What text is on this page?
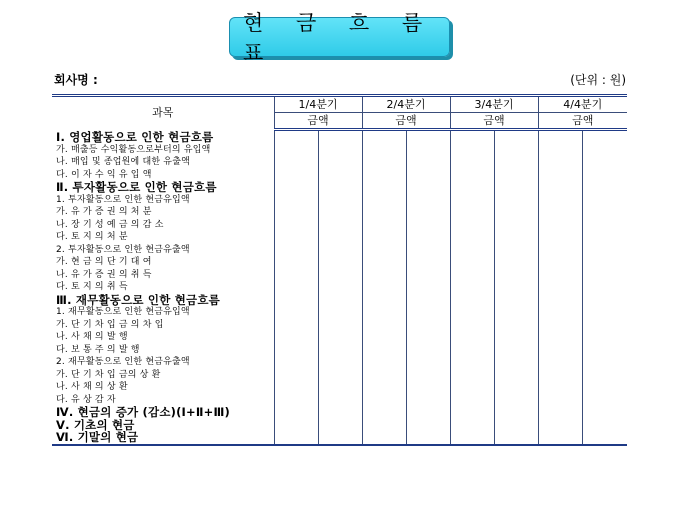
현 금 흐 름 표
회사명 :	(단위 : 원)
과목	1/4분기		2/4분기		3/4분기		4/4분기	
	금액		금액		금액		금액	
Ⅰ. 영업활동으로 인한 현금흐름								
가. 매출등 수익활동으로부터의 유입액								
나. 매입 및 종업원에 대한 유출액								
다. 이 자 수 익 유 입 액								
Ⅱ. 투자활동으로 인한 현금흐름								
1. 투자활동으로 인한 현금유입액								
가. 유 가 증 권 의 처 분								
나. 장 기 성 예 금 의 감 소								
다. 토 지 의 처 분								
2. 투자활동으로 인한 현금유출액								
가. 현 금 의 단 기 대 여								
나. 유 가 증 권 의 취 득								
다. 토 지 의 취 득								
Ⅲ. 재무활동으로 인한 현금흐름								
1. 재무활동으로 인한 현금유입액								
가. 단 기 차 입 금 의 차 입								
나. 사 채 의 발 행								
다. 보 통 주 의 발 행								
2. 재무활동으로 인한 현금유출액								
가. 단 기 차 입 금의 상 환								
나. 사 채 의 상 환								
다. 유 상 감 자								
Ⅳ. 현금의 증가 (감소)(Ⅰ+Ⅱ+Ⅲ)								
Ⅴ. 기초의 현금								
Ⅵ. 기말의 현금								
